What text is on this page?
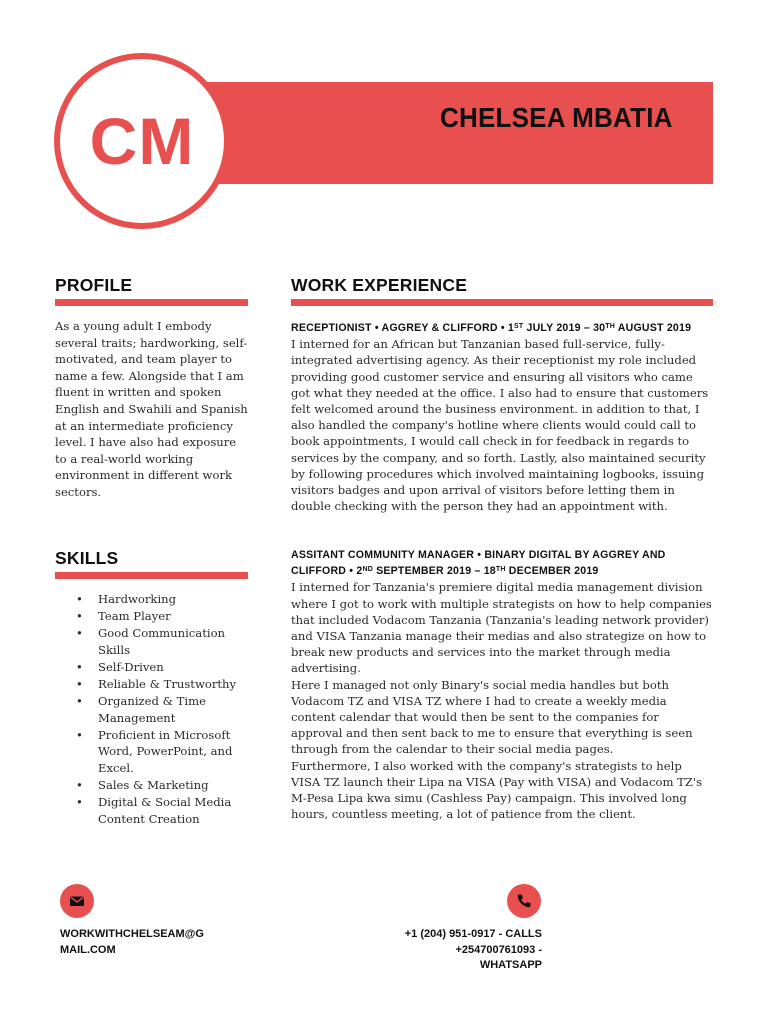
CHELSEA MBATIA
CM
PROFILE

As a young adult I embody several traits; hardworking, self-motivated, and team player to name a few. Alongside that I am fluent in written and spoken English and Swahili and Spanish at an intermediate proficiency level. I have also had exposure to a real-world working environment in different work sectors.

SKILLS
• Hardworking
• Team Player
• Good Communication Skills
• Self-Driven
• Reliable & Trustworthy
• Organized & Time Management
• Proficient in Microsoft Word, PowerPoint, and Excel.
• Sales & Marketing
• Digital & Social Media Content Creation
WORK EXPERIENCE
RECEPTIONIST • AGGREY & CLIFFORD • 1ST JULY 2019 – 30TH AUGUST 2019
I interned for an African but Tanzanian based full-service, fully-integrated advertising agency. As their receptionist my role included providing good customer service and ensuring all visitors who came got what they needed at the office. I also had to ensure that customers felt welcomed around the business environment. in addition to that, I also handled the company's hotline where clients would could call to book appointments, I would call check in for feedback in regards to services by the company, and so forth. Lastly, also maintained security by following procedures which involved maintaining logbooks, issuing visitors badges and upon arrival of visitors before letting them in double checking with the person they had an appointment with.
ASSITANT COMMUNITY MANAGER • BINARY DIGITAL BY AGGREY AND CLIFFORD • 2ND SEPTEMBER 2019 – 18TH DECEMBER 2019
I interned for Tanzania's premiere digital media management division where I got to work with multiple strategists on how to help companies that included Vodacom Tanzania (Tanzania's leading network provider) and VISA Tanzania manage their medias and also strategize on how to break new products and services into the market through media advertising.
Here I managed not only Binary's social media handles but both Vodacom TZ and VISA TZ where I had to create a weekly media content calendar that would then be sent to the companies for approval and then sent back to me to ensure that everything is seen through from the calendar to their social media pages.
Furthermore, I also worked with the company's strategists to help VISA TZ launch their Lipa na VISA (Pay with VISA) and Vodacom TZ's M-Pesa Lipa kwa simu (Cashless Pay) campaign. This involved long hours, countless meeting, a lot of patience from the client.
WORKWITHCHELSEAM@G
MAIL.COM
+1 (204) 951-0917 - CALLS
+254700761093 -
WHATSAPP
